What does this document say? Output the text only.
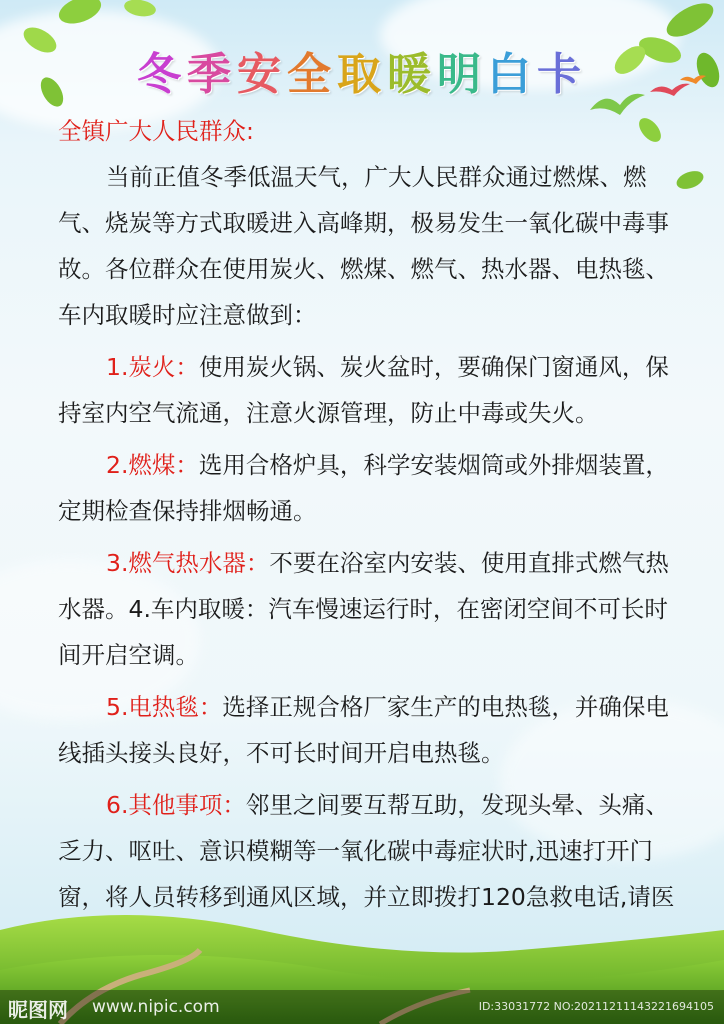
冬季安全取暖明白卡
全镇广大人民群众:

当前正值冬季低温天气，广大人民群众通过燃煤、燃气、烧炭等方式取暖进入高峰期，极易发生一氧化碳中毒事故。各位群众在使用炭火、燃煤、燃气、热水器、电热毯、车内取暖时应注意做到：

1.炭火：使用炭火锅、炭火盆时，要确保门窗通风，保持室内空气流通，注意火源管理，防止中毒或失火。

2.燃煤：选用合格炉具，科学安装烟筒或外排烟装置，定期检查保持排烟畅通。

3.燃气热水器：不要在浴室内安装、使用直排式燃气热水器。4.车内取暖：汽车慢速运行时，在密闭空间不可长时间开启空调。

5.电热毯：选择正规合格厂家生产的电热毯，并确保电线插头接头良好，不可长时间开启电热毯。

6.其他事项：邻里之间要互帮互助，发现头晕、头痛、乏力、呕吐、意识模糊等一氧化碳中毒症状时,迅速打开门窗，将人员转移到通风区域，并立即拨打120急救电话,请医

昵图网 www.nipic.com	ID:33031772 NO:20211211143221694105
